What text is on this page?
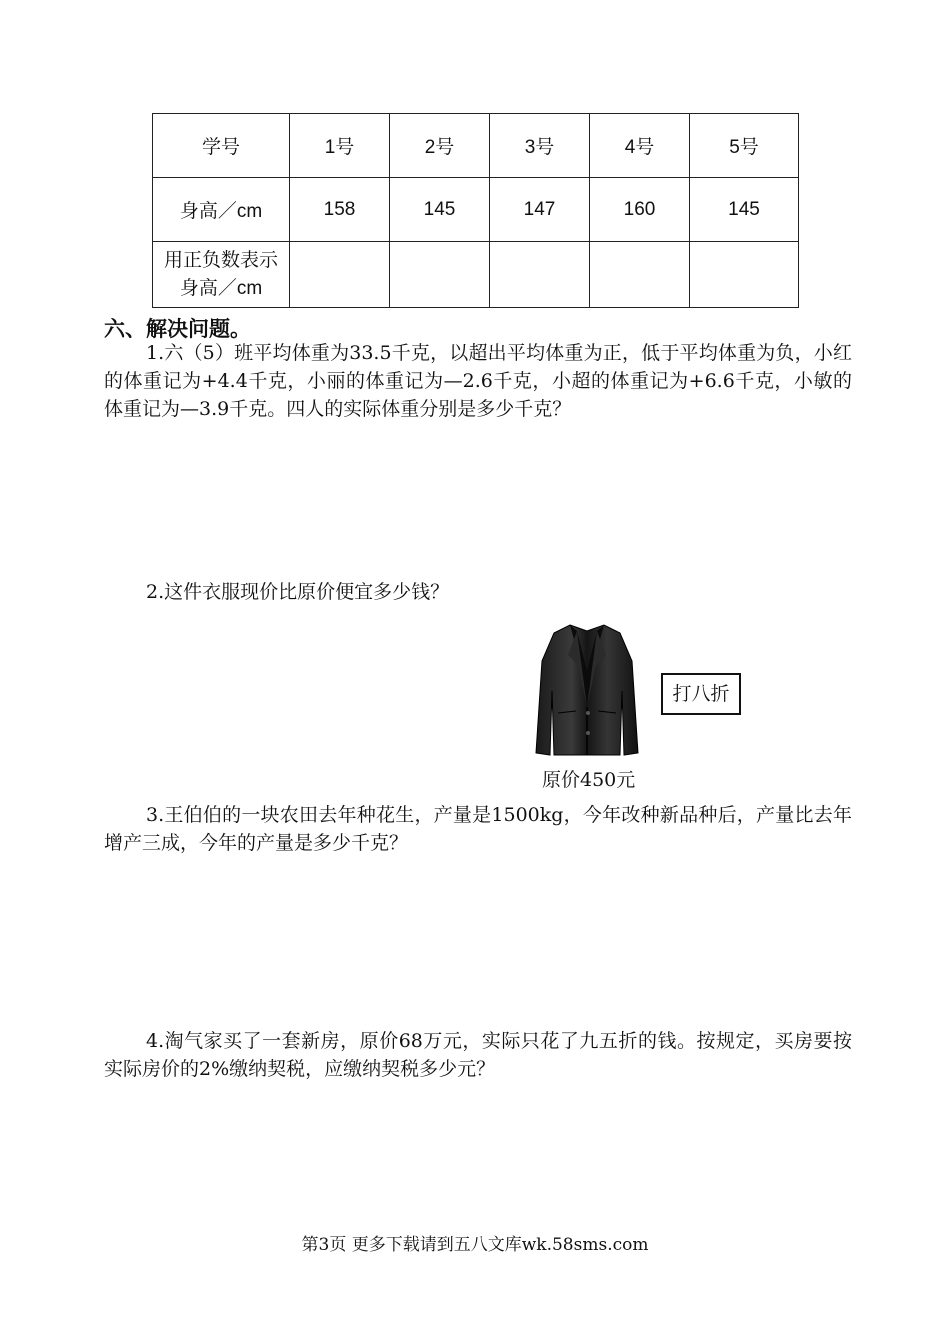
学号	1号	2号	3号	4号	5号
身高／cm	158	145	147	160	145
用正负数表示身高／cm					
六、解决问题。
1.六（5）班平均体重为33.5千克，以超出平均体重为正，低于平均体重为负，小红的体重记为+4.4千克，小丽的体重记为—2.6千克，小超的体重记为+6.6千克，小敏的体重记为—3.9千克。四人的实际体重分别是多少千克？
2.这件衣服现价比原价便宜多少钱？
打八折
原价450元
3.王伯伯的一块农田去年种花生，产量是1500kg，今年改种新品种后，产量比去年增产三成，今年的产量是多少千克？
4.淘气家买了一套新房，原价68万元，实际只花了九五折的钱。按规定，买房要按实际房价的2%缴纳契税，应缴纳契税多少元？
第3页 更多下载请到五八文库wk.58sms.com
